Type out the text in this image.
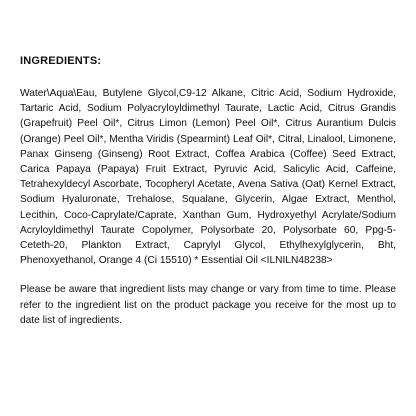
INGREDIENTS:

Water\Aqua\Eau, Butylene Glycol,C9-12 Alkane, Citric Acid, Sodium Hydroxide, Tartaric Acid, Sodium Polyacryloyldimethyl Taurate, Lactic Acid, Citrus Grandis (Grapefruit) Peel Oil*, Citrus Limon (Lemon) Peel Oil*, Citrus Aurantium Dulcis (Orange) Peel Oil*, Mentha Viridis (Spearmint) Leaf Oil*, Citral, Linalool, Limonene, Panax Ginseng (Ginseng) Root Extract, Coffea Arabica (Coffee) Seed Extract, Carica Papaya (Papaya) Fruit Extract, Pyruvic Acid, Salicylic Acid, Caffeine, Tetrahexyldecyl Ascorbate, Tocopheryl Acetate, Avena Sativa (Oat) Kernel Extract, Sodium Hyaluronate, Trehalose, Squalane, Glycerin, Algae Extract, Menthol, Lecithin, Coco-Caprylate/Caprate, Xanthan Gum, Hydroxyethyl Acrylate/Sodium Acryloyldimethyl Taurate Copolymer, Polysorbate 20, Polysorbate 60, Ppg-5-Ceteth-20, Plankton Extract, Caprylyl Glycol, Ethylhexylglycerin, Bht, Phenoxyethanol, Orange 4 (Ci 15510) * Essential Oil <ILNILN48238>

Please be aware that ingredient lists may change or vary from time to time. Please refer to the ingredient list on the product package you receive for the most up to date list of ingredients.
